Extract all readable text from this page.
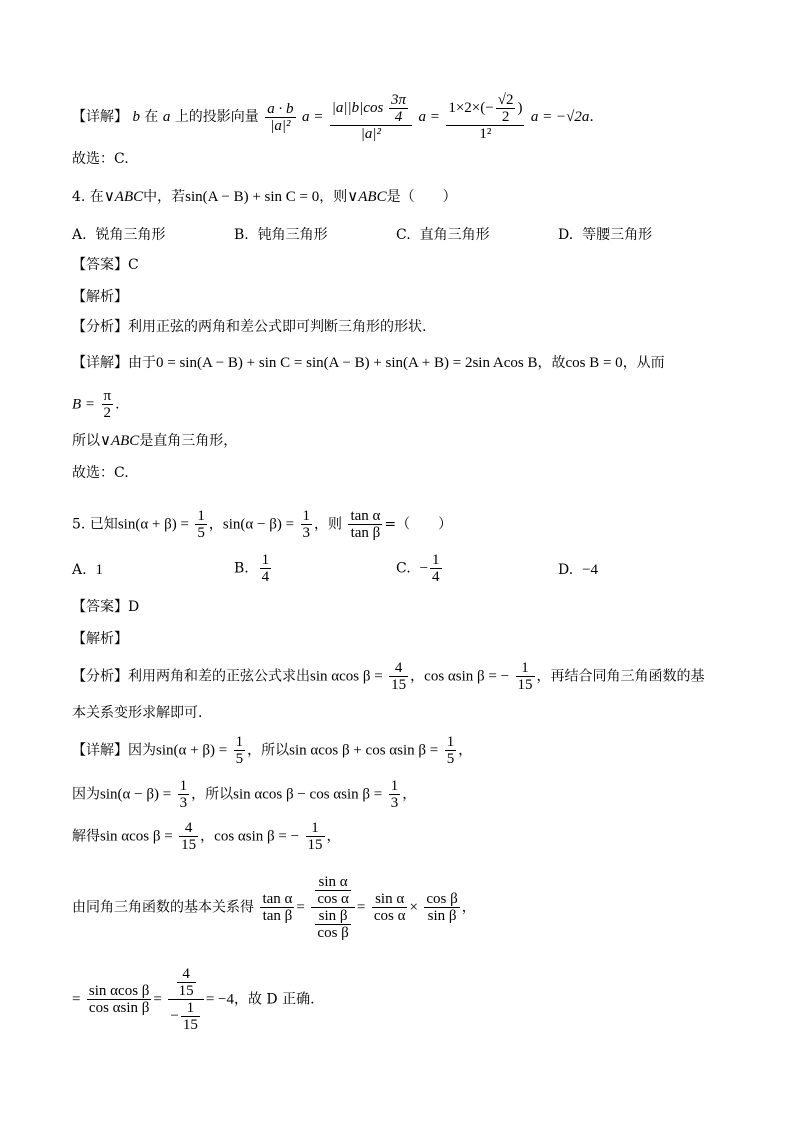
【详解】 b 在 a 上的投影向量 $\frac{a \cdot b}{\text{|a|²}}$ $a = \frac{|a||b|\cos \frac{3\pi}{4}}{\text{|a|²}}$ $a = \frac{1\times 2\times(- \frac{√2}{2} )}{\text{1²}}$ a = −√2a.
故选：C.
4. 在∨ABC中，若sin(A − B) + sin C = 0，则∨ABC是（　　）
A. 锐角三角形	B. 钝角三角形	C. 直角三角形	D. 等腰三角形
【答案】C
【解析】
【分析】利用正弦的两角和差公式即可判断三角形的形状.
【详解】由于0 = sin(A − B) + sin C = sin(A − B) + sin(A + B) = 2sin Acos B，故cos B = 0，从而
$B = \frac{\pi}{2}$ .
所以∨ABC是直角三角形，
故选：C.
5. 已知$\sin(\alpha + \beta) = \frac{1}{5}$ ，$\sin(\alpha - \beta) = \frac{1}{3}$ ，则 $\frac{\text{tan α}}{\text{tan β}}$ =（　　）
A. 1	B. $\frac{1}{4}$	C. − $\frac{1}{4}$	D. −4
【答案】D
【解析】
【分析】利用两角和差的正弦公式求出sin αcos $\beta = \frac{4}{15}$ ，cos αsin β = − $\frac{1}{15}$ ，再结合同角三角函数的基
本关系变形求解即可.
【详解】因为$\sin(\alpha + \beta) = \frac{1}{5}$ ，所以sin αcos β + cos αsin $\beta = \frac{1}{5}$ ，
因为$\sin(\alpha - \beta) = \frac{1}{3}$ ，所以sin αcos β − cos αsin $\beta = \frac{1}{3}$ ，
解得sin αcos $\beta = \frac{4}{15}$ ，cos αsin β = − $\frac{1}{15}$ ，
由同角三角函数的基本关系得 $\frac{\text{tan α}}{\text{tan β}} = \frac{\frac{\text{sin α}}{\text{cos α}}}{\frac{\text{sin β}}{\text{cos β}}} = \frac{\text{sin α}}{\text{cos α}} \times \frac{\text{cos β}}{\text{sin β}}$ ，
= $\frac{\text{sin αcos β}}{\text{cos αsin β}} = \frac{\frac{4}{15}}{- \frac{1}{15}} = -4$，故 D 正确.
